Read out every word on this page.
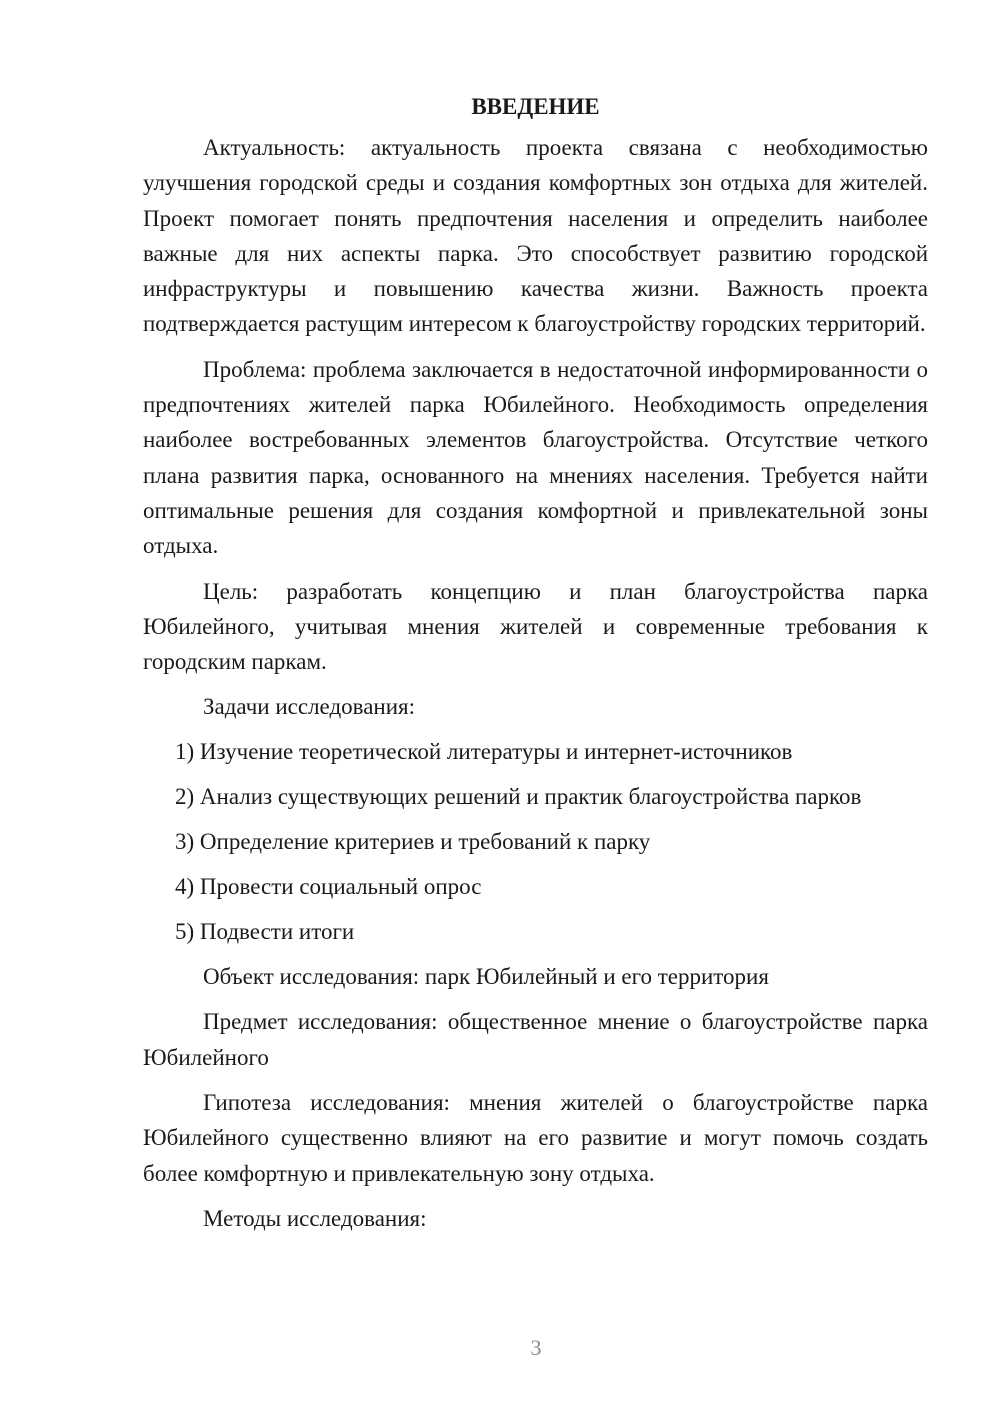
ВВЕДЕНИЕ

Актуальность: актуальность проекта связана с необходимостью улучшения городской среды и создания комфортных зон отдыха для жителей. Проект помогает понять предпочтения населения и определить наиболее важные для них аспекты парка. Это способствует развитию городской инфраструктуры и повышению качества жизни. Важность проекта подтверждается растущим интересом к благоустройству городских территорий.

Проблема: проблема заключается в недостаточной информированности о предпочтениях жителей парка Юбилейного. Необходимость определения наиболее востребованных элементов благоустройства. Отсутствие четкого плана развития парка, основанного на мнениях населения. Требуется найти оптимальные решения для создания комфортной и привлекательной зоны отдыха.

Цель: разработать концепцию и план благоустройства парка Юбилейного, учитывая мнения жителей и современные требования к городским паркам.

Задачи исследования:

1) Изучение теоретической литературы и интернет-источников

2) Анализ существующих решений и практик благоустройства парков

3) Определение критериев и требований к парку

4) Провести социальный опрос

5) Подвести итоги

Объект исследования: парк Юбилейный и его территория

Предмет исследования: общественное мнение о благоустройстве парка Юбилейного

Гипотеза исследования: мнения жителей о благоустройстве парка Юбилейного существенно влияют на его развитие и могут помочь создать более комфортную и привлекательную зону отдыха.

Методы исследования:

3
